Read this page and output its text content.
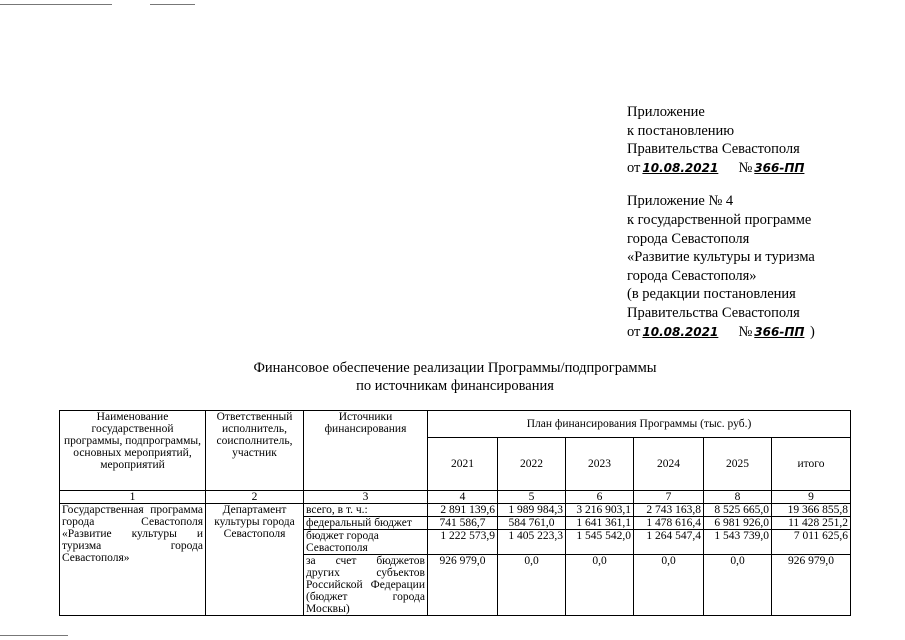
Приложение
к постановлению
Правительства Севастополя
от 10.08.2021 № 366-ПП
Приложение № 4
к государственной программе
города Севастополя
«Развитие культуры и туризма
города Севастополя»
(в редакции постановления
Правительства Севастополя
от 10.08.2021 № 366-ПП )
Финансовое обеспечение реализации Программы/подпрограммы
по источникам финансирования
Наименование государственной программы, подпрограммы, основных мероприятий, мероприятий	Ответственный исполнитель, соисполнитель, участник	Источники финансирования	План финансирования Программы (тыс. руб.)					
			2021	2022	2023	2024	2025	итого
1	2	3	4	5	6	7	8	9
Государственная программа города Севастополя «Развитие культуры и туризма города Севастополя»	Департамент культуры города Севастополя	всего, в т. ч.:	2 891 139,6	1 989 984,3	3 216 903,1	2 743 163,8	8 525 665,0	19 366 855,8
		федеральный бюджет	741 586,7	584 761,0	1 641 361,1	1 478 616,4	6 981 926,0	11 428 251,2
		бюджет города Севастополя	1 222 573,9	1 405 223,3	1 545 542,0	1 264 547,4	1 543 739,0	7 011 625,6
		за счет бюджетов других субъектов Российской Федерации (бюджет города Москвы)	926 979,0	0,0	0,0	0,0	0,0	926 979,0
